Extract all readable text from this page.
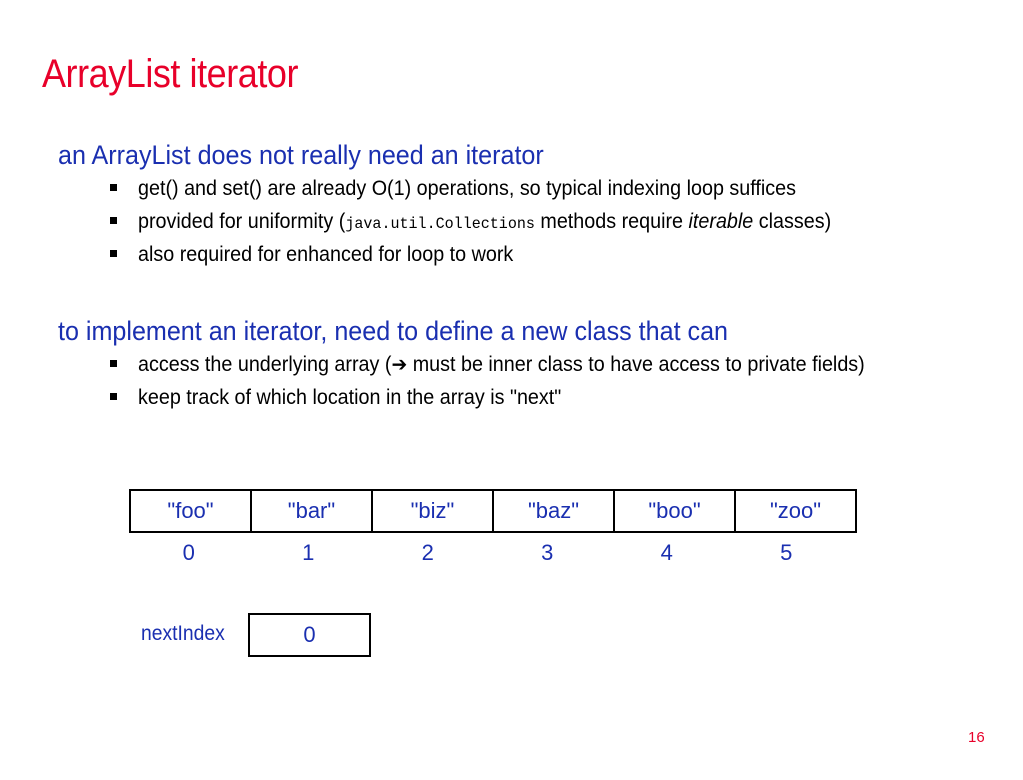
ArrayList iterator
an ArrayList does not really need an iterator
get() and set() are already O(1) operations, so typical indexing loop suffices
provided for uniformity (java.util.Collections methods require iterable classes)
also required for enhanced for loop to work
to implement an iterator, need to define a new class that can
access the underlying array (➔ must be inner class to have access to private fields)
keep track of which location in the array is "next"
"foo"	"bar"	"biz"	"baz"	"boo"	"zoo"
0	1	2	3	4	5
nextIndex	0
16
